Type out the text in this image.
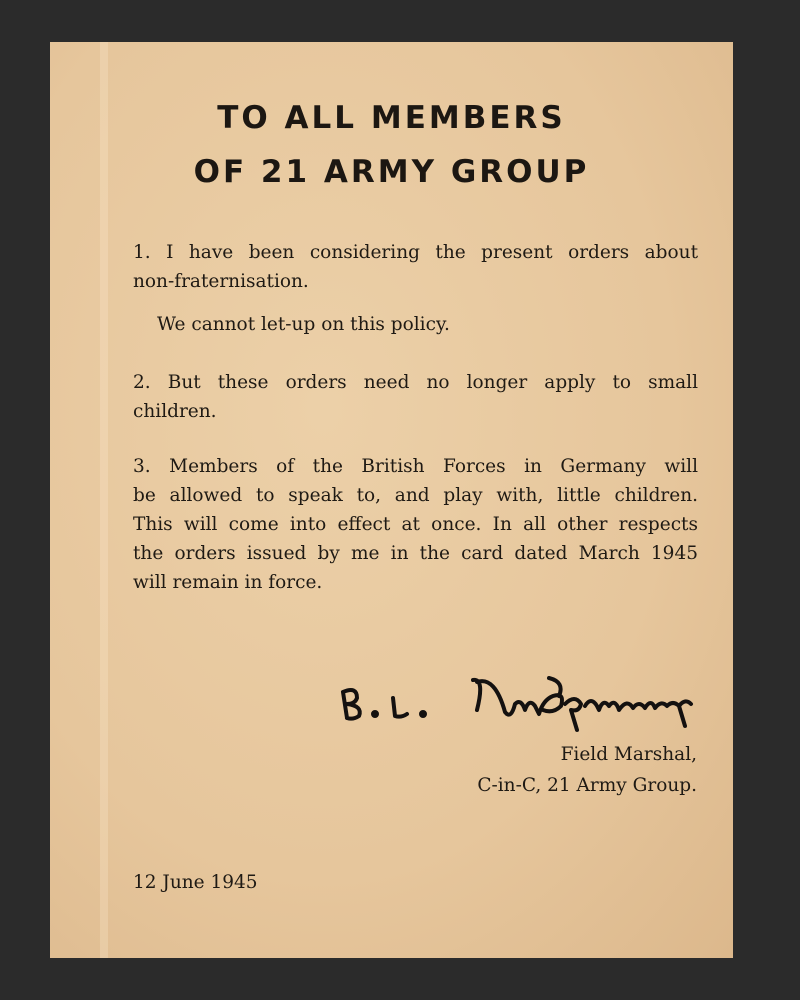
TO ALL MEMBERS
OF 21 ARMY GROUP
1. I have been considering the present orders about
non-fraternisation.
We cannot let-up on this policy.
2. But these orders need no longer apply to small
children.
3. Members of the British Forces in Germany will
be allowed to speak to, and play with, little children.
This will come into effect at once. In all other respects
the orders issued by me in the card dated March 1945
will remain in force.
Field Marshal,
C-in-C, 21 Army Group.
12 June 1945
